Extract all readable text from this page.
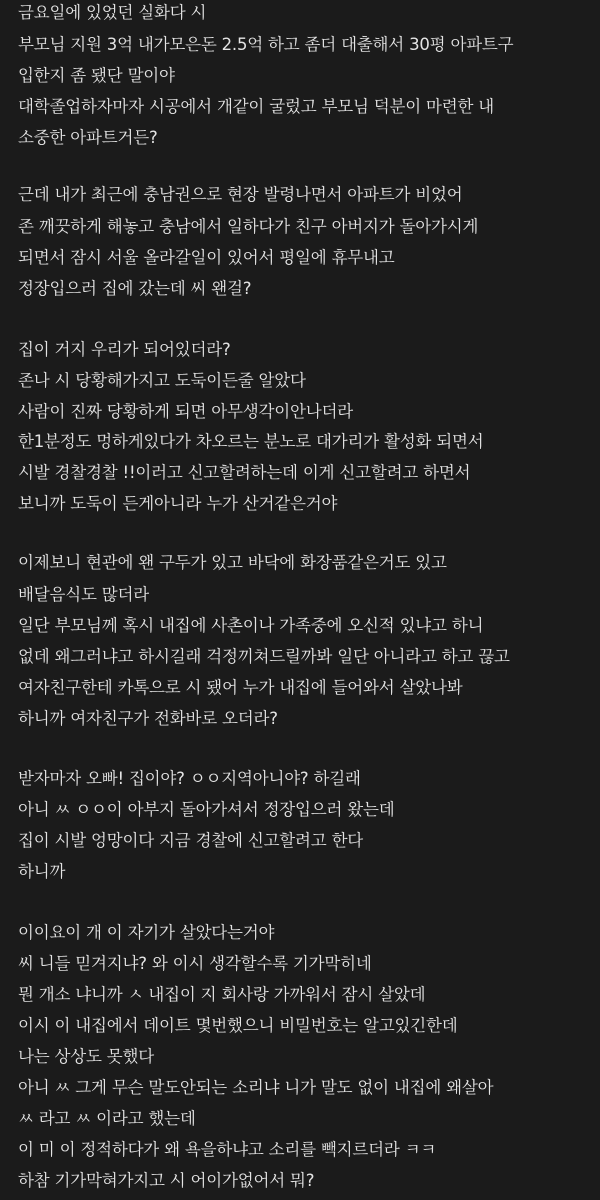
금요일에 있었던 실화다 시
부모님 지원 3억 내가모은돈 2.5억 하고 좀더 대출해서 30평 아파트구
입한지 좀 됐단 말이야
대학졸업하자마자 시공에서 개같이 굴렀고 부모님 덕분이 마련한 내
소중한 아파트거든?
근데 내가 최근에 충남권으로 현장 발령나면서 아파트가 비었어
존 깨끗하게 해놓고 충남에서 일하다가 친구 아버지가 돌아가시게
되면서 잠시 서울 올라갈일이 있어서 평일에 휴무내고
정장입으러 집에 갔는데 씨 왠걸?
집이 거지 우리가 되어있더라?
존나 시 당황해가지고 도둑이든줄 알았다
사람이 진짜 당황하게 되면 아무생각이안나더라
한1분정도 멍하게있다가 차오르는 분노로 대가리가 활성화 되면서
시발 경찰경찰 !!이러고 신고할려하는데 이게 신고할려고 하면서
보니까 도둑이 든게아니라 누가 산거같은거야
이제보니 현관에 왠 구두가 있고 바닥에 화장품같은거도 있고
배달음식도 많더라
일단 부모님께 혹시 내집에 사촌이나 가족중에 오신적 있냐고 하니
없데 왜그러냐고 하시길래 걱정끼쳐드릴까봐 일단 아니라고 하고 끊고
여자친구한테 카톡으로 시 됐어 누가 내집에 들어와서 살았나봐
하니까 여자친구가 전화바로 오더라?
받자마자 오빠! 집이야? ㅇㅇ지역아니야? 하길래
아니 ㅆ ㅇㅇ이 아부지 돌아가셔서 정장입으러 왔는데
집이 시발 엉망이다 지금 경찰에 신고할려고 한다
하니까
이이요이 개 이 자기가 살았다는거야
씨 니들 믿겨지냐? 와 이시 생각할수록 기가막히네
뭔 개소 냐니까 ㅅ 내집이 지 회사랑 가까워서 잠시 살았데
이시 이 내집에서 데이트 몇번했으니 비밀번호는 알고있긴한데
나는 상상도 못했다
아니 ㅆ 그게 무슨 말도안되는 소리냐 니가 말도 없이 내집에 왜살아
ㅆ 라고 ㅆ 이라고 했는데
이 미 이 정적하다가 왜 욕을하냐고 소리를 빽지르더라 ㅋㅋ
하참 기가막혀가지고 시 어이가없어서 뭐?
